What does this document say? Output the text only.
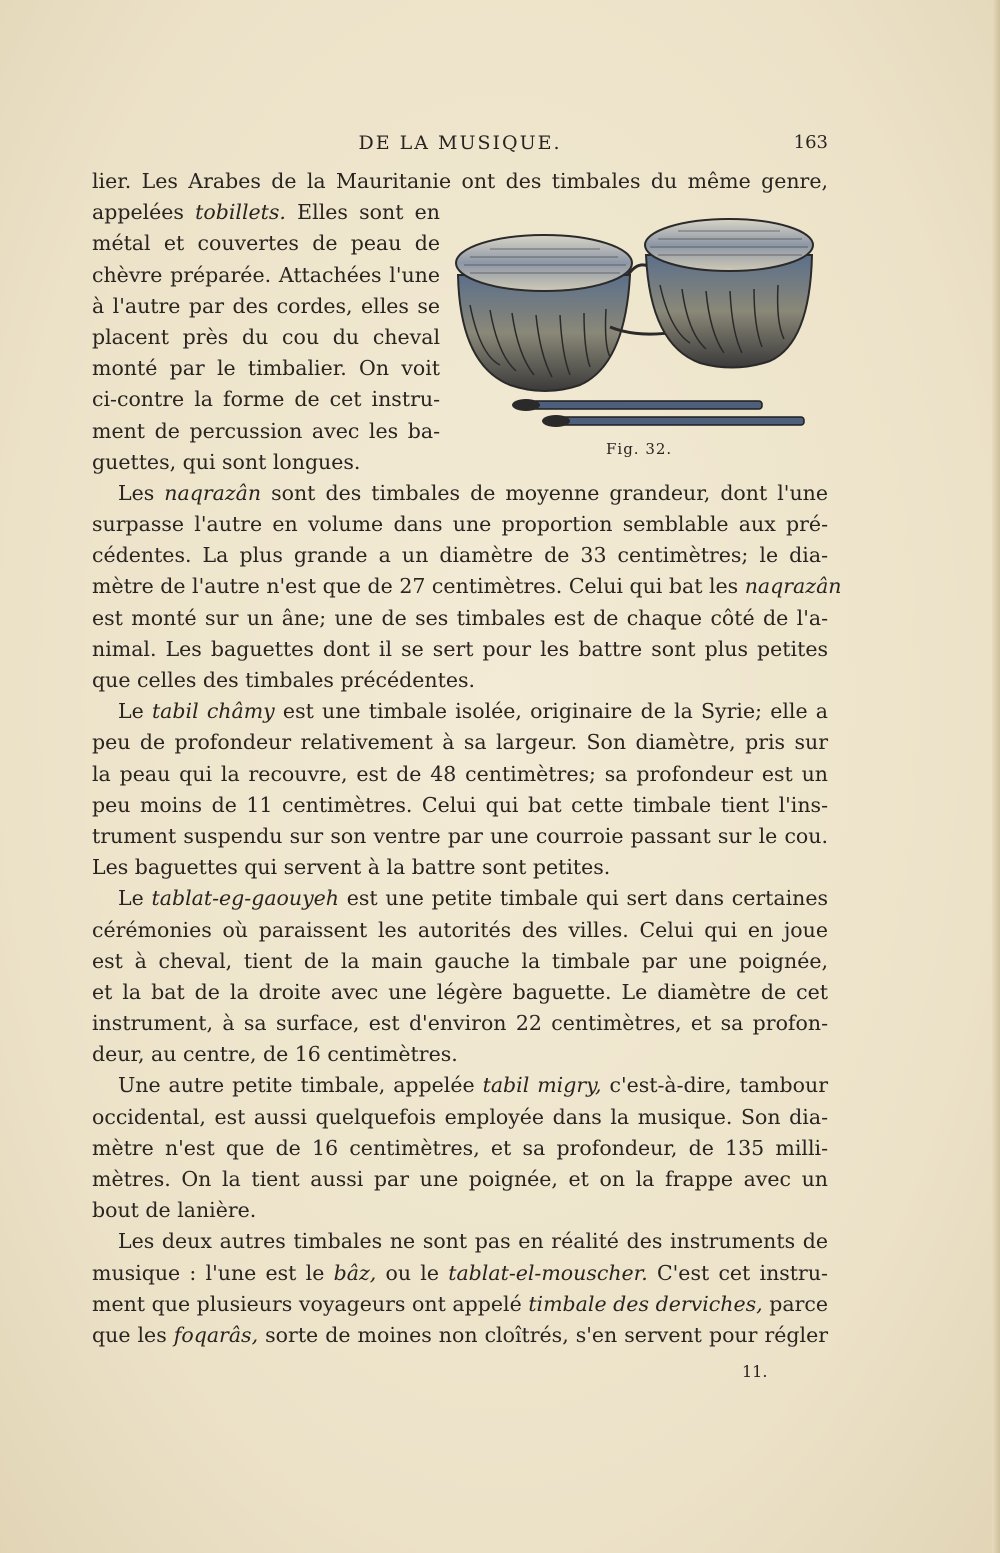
DE LA MUSIQUE.	163
Fig. 32.
lier. Les Arabes de la Mauritanie ont des timbales du même genre,
appelées tobillets. Elles sont en
métal et couvertes de peau de
chèvre préparée. Attachées l'une
à l'autre par des cordes, elles se
placent près du cou du cheval
monté par le timbalier. On voit
ci-contre la forme de cet instru-
ment de percussion avec les ba-
guettes, qui sont longues.
Les naqrazân sont des timbales de moyenne grandeur, dont l'une
surpasse l'autre en volume dans une proportion semblable aux pré-
cédentes. La plus grande a un diamètre de 33 centimètres; le dia-
mètre de l'autre n'est que de 27 centimètres. Celui qui bat les naqrazân
est monté sur un âne; une de ses timbales est de chaque côté de l'a-
nimal. Les baguettes dont il se sert pour les battre sont plus petites
que celles des timbales précédentes.
Le tabil châmy est une timbale isolée, originaire de la Syrie; elle a
peu de profondeur relativement à sa largeur. Son diamètre, pris sur
la peau qui la recouvre, est de 48 centimètres; sa profondeur est un
peu moins de 11 centimètres. Celui qui bat cette timbale tient l'ins-
trument suspendu sur son ventre par une courroie passant sur le cou.
Les baguettes qui servent à la battre sont petites.
Le tablat-eg-gaouyeh est une petite timbale qui sert dans certaines
cérémonies où paraissent les autorités des villes. Celui qui en joue
est à cheval, tient de la main gauche la timbale par une poignée,
et la bat de la droite avec une légère baguette. Le diamètre de cet
instrument, à sa surface, est d'environ 22 centimètres, et sa profon-
deur, au centre, de 16 centimètres.
Une autre petite timbale, appelée tabil migry, c'est-à-dire, tambour
occidental, est aussi quelquefois employée dans la musique. Son dia-
mètre n'est que de 16 centimètres, et sa profondeur, de 135 milli-
mètres. On la tient aussi par une poignée, et on la frappe avec un
bout de lanière.
Les deux autres timbales ne sont pas en réalité des instruments de
musique : l'une est le bâz, ou le tablat-el-mouscher. C'est cet instru-
ment que plusieurs voyageurs ont appelé timbale des derviches, parce
que les foqarâs, sorte de moines non cloîtrés, s'en servent pour régler
11.
